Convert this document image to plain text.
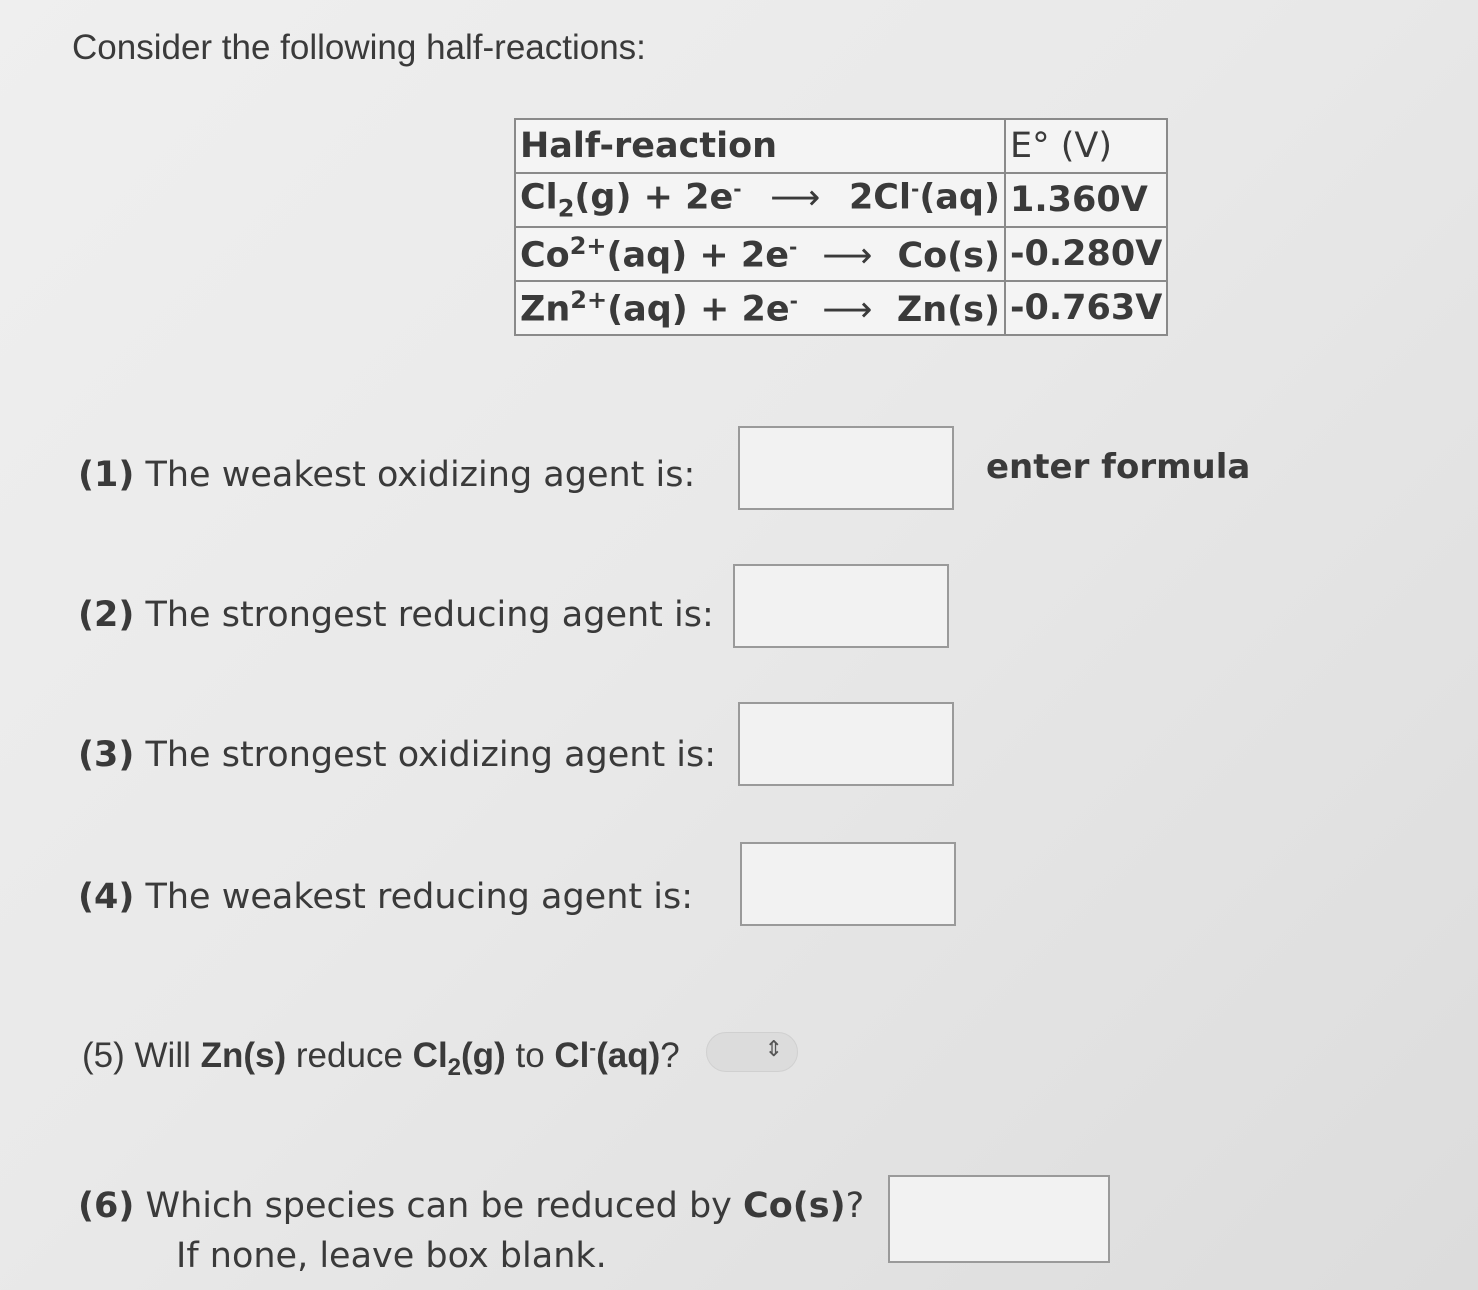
Consider the following half-reactions:
Half-reaction	E° (V)

$Cl_2(g) + 2e^-$ ⟶ 2Cl-(aq)	1.360V

$Co^{2+}(aq) + 2e^-$ ⟶ Co(s)	-0.280V

$Zn^{2+}(aq) + 2e^-$ ⟶ Zn(s)	-0.763V
(1) The weakest oxidizing agent is:	enter formula
(2) The strongest reducing agent is:
(3) The strongest oxidizing agent is:
(4) The weakest reducing agent is:
(5) Will Zn(s) reduce $Cl_2(g)$ to Cl-(aq)?	⇕
(6) Which species can be reduced by Co(s)?
If none, leave box blank.
